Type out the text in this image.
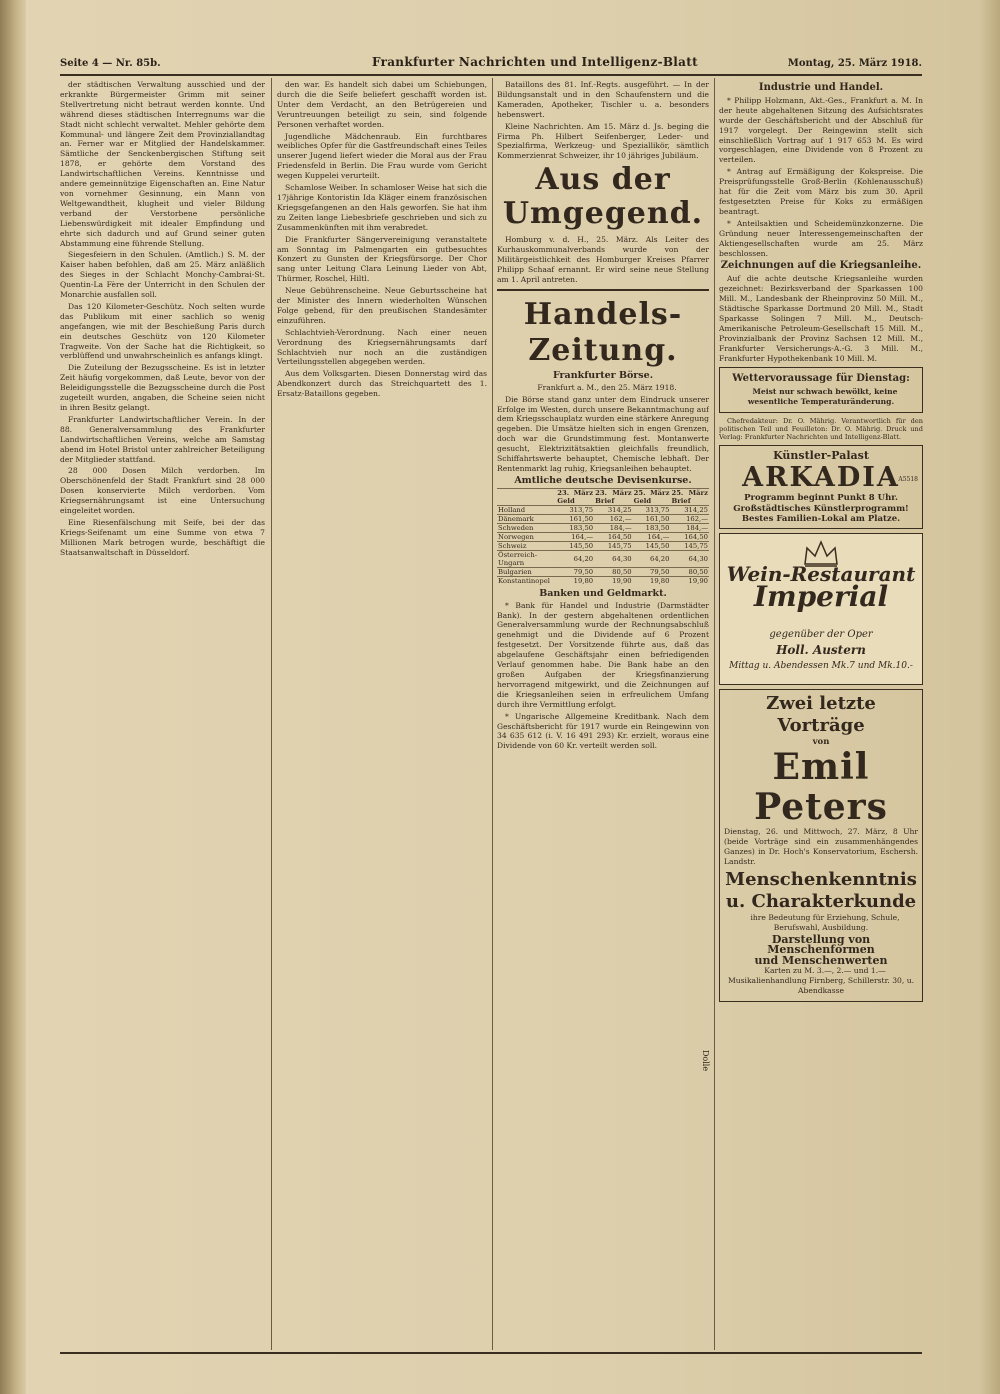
Seite 4 — Nr. 85b.	Frankfurter Nachrichten und Intelligenz-Blatt	Montag, 25. März 1918.

der städtischen Verwaltung ausschied und der erkrankte Bürgermeister Grimm mit seiner Stellvertretung nicht betraut werden konnte. Und während dieses städtischen Interregnums war die Stadt nicht schlecht verwaltet. Mehler gehörte dem Kommunal- und längere Zeit dem Provinziallandtag an. Ferner war er Mitglied der Handelskammer. Sämtliche der Senckenbergischen Stiftung seit 1878, er gehörte dem Vorstand des Landwirtschaftlichen Vereins. Kenntnisse und andere gemeinnützige Eigenschaften an. Eine Natur von vornehmer Gesinnung, ein Mann von Weltgewandtheit, klugheit und vieler Bildung verband der Verstorbene persönliche Liebenswürdigkeit mit idealer Empfindung und ehrte sich dadurch und auf Grund seiner guten Abstammung eine führende Stellung.

Siegesfeiern in den Schulen. (Amtlich.) S. M. der Kaiser haben befohlen, daß am 25. März anläßlich des Sieges in der Schlacht Monchy-Cambrai-St. Quentin-La Fère der Unterricht in den Schulen der Monarchie ausfallen soll.

Das 120 Kilometer-Geschütz. Noch selten wurde das Publikum mit einer sachlich so wenig angefangen, wie mit der Beschießung Paris durch ein deutsches Geschütz von 120 Kilometer Tragweite. Von der Sache hat die Richtigkeit, so verblüffend und unwahrscheinlich es anfangs klingt.

Die Zuteilung der Bezugsscheine. Es ist in letzter Zeit häufig vorgekommen, daß Leute, bevor von der Beleidigungsstelle die Bezugsscheine durch die Post zugeteilt wurden, angaben, die Scheine seien nicht in ihren Besitz gelangt.

Frankfurter Landwirtschaftlicher Verein. In der 88. Generalversammlung des Frankfurter Landwirtschaftlichen Vereins, welche am Samstag abend im Hotel Bristol unter zahlreicher Beteiligung der Mitglieder stattfand.

28 000 Dosen Milch verdorben. Im Oberschönenfeld der Stadt Frankfurt sind 28 000 Dosen konservierte Milch verdorben. Vom Kriegsernährungsamt ist eine Untersuchung eingeleitet worden.

Eine Riesenfälschung mit Seife, bei der das Kriegs-Seifenamt um eine Summe von etwa 7 Millionen Mark betrogen wurde, beschäftigt die Staatsanwaltschaft in Düsseldorf.

den war. Es handelt sich dabei um Schiebungen, durch die die Seife beliefert geschafft worden ist. Unter dem Verdacht, an den Betrügereien und Veruntreuungen beteiligt zu sein, sind folgende Personen verhaftet worden.

Jugendliche Mädchenraub. Ein furchtbares weibliches Opfer für die Gastfreundschaft eines Teiles unserer Jugend liefert wieder die Moral aus der Frau Friedensfeld in Berlin. Die Frau wurde vom Gericht wegen Kuppelei verurteilt.

Schamlose Weiber. In schamloser Weise hat sich die 17jährige Kontoristin Ida Kläger einem französischen Kriegsgefangenen an den Hals geworfen. Sie hat ihm zu Zeiten lange Liebesbriefe geschrieben und sich zu Zusammenkünften mit ihm verabredet.

Die Frankfurter Sängervereinigung veranstaltete am Sonntag im Palmengarten ein gutbesuchtes Konzert zu Gunsten der Kriegsfürsorge. Der Chor sang unter Leitung Clara Leinung Lieder von Abt, Thürmer, Roschel, Hiltl.

Neue Gebührenscheine. Neue Geburtsscheine hat der Minister des Innern wiederholten Wünschen Folge gebend, für den preußischen Standesämter einzuführen.

Schlachtvieh-Verordnung. Nach einer neuen Verordnung des Kriegsernährungsamts darf Schlachtvieh nur noch an die zuständigen Verteilungsstellen abgegeben werden.

Aus dem Volksgarten. Diesen Donnerstag wird das Abendkonzert durch das Streichquartett des 1. Ersatz-Bataillons gegeben.

Bataillons des 81. Inf.-Regts. ausgeführt. — In der Bildungsanstalt und in den Schaufenstern und die Kameraden, Apotheker, Tischler u. a. besonders hebenswert.

Kleine Nachrichten. Am 15. März d. Js. beging die Firma Ph. Hilbert Seifenberger, Leder- und Spezialfirma, Werkzeug- und Speziallikör, sämtlich Kommerzienrat Schweizer, ihr 10 jähriges Jubiläum.

Aus der Umgegend.

Homburg v. d. H., 25. März. Als Leiter des Kurhauskommunalverbands wurde von der Militärgeistlichkeit des Homburger Kreises Pfarrer Philipp Schaaf ernannt. Er wird seine neue Stellung am 1. April antreten.

Handels-Zeitung.
Frankfurter Börse.

Frankfurt a. M., den 25. März 1918.

Die Börse stand ganz unter dem Eindruck unserer Erfolge im Westen, durch unsere Bekanntmachung auf dem Kriegsschauplatz wurden eine stärkere Anregung gegeben. Die Umsätze hielten sich in engen Grenzen, doch war die Grundstimmung fest. Montanwerte gesucht, Elektrizitätsaktien gleichfalls freundlich, Schiffahrtswerte behauptet, Chemische lebhaft. Der Rentenmarkt lag ruhig, Kriegsanleihen behauptet.

Amtliche deutsche Devisenkurse.
	23. März Geld	23. März Brief	25. März Geld	25. März Brief
Holland	313,75	314,25	313,75	314,25
Dänemark	161,50	162,—	161,50	162,—
Schweden	183,50	184,—	183,50	184,—
Norwegen	164,—	164,50	164,—	164,50
Schweiz	145,50	145,75	145,50	145,75
Österreich-Ungarn	64,20	64,30	64,20	64,30
Bulgarien	79,50	80,50	79,50	80,50
Konstantinopel	19,80	19,90	19,80	19,90
Banken und Geldmarkt.

* Bank für Handel und Industrie (Darmstädter Bank). In der gestern abgehaltenen ordentlichen Generalversammlung wurde der Rechnungsabschluß genehmigt und die Dividende auf 6 Prozent festgesetzt. Der Vorsitzende führte aus, daß das abgelaufene Geschäftsjahr einen befriedigenden Verlauf genommen habe. Die Bank habe an den großen Aufgaben der Kriegsfinanzierung hervorragend mitgewirkt, und die Zeichnungen auf die Kriegsanleihen seien in erfreulichem Umfang durch ihre Vermittlung erfolgt.

* Ungarische Allgemeine Kreditbank. Nach dem Geschäftsbericht für 1917 wurde ein Reingewinn von 34 635 612 (i. V. 16 491 293) Kr. erzielt, woraus eine Dividende von 60 Kr. verteilt werden soll.

Industrie und Handel.

* Philipp Holzmann, Akt.-Ges., Frankfurt a. M. In der heute abgehaltenen Sitzung des Aufsichtsrates wurde der Geschäftsbericht und der Abschluß für 1917 vorgelegt. Der Reingewinn stellt sich einschließlich Vortrag auf 1 917 653 M. Es wird vorgeschlagen, eine Dividende von 8 Prozent zu verteilen.

* Antrag auf Ermäßigung der Kokspreise. Die Preisprüfungsstelle Groß-Berlin (Kohlenausschuß) hat für die Zeit vom März bis zum 30. April festgesetzten Preise für Koks zu ermäßigen beantragt.

* Anteilsaktien und Scheidemünzkonzerne. Die Gründung neuer Interessengemeinschaften der Aktiengesellschaften wurde am 25. März beschlossen.

Zeichnungen auf die Kriegsanleihe.

Auf die achte deutsche Kriegsanleihe wurden gezeichnet: Bezirksverband der Sparkassen 100 Mill. M., Landesbank der Rheinprovinz 50 Mill. M., Städtische Sparkasse Dortmund 20 Mill. M., Stadt Sparkasse Solingen 7 Mill. M., Deutsch-Amerikanische Petroleum-Gesellschaft 15 Mill. M., Provinzialbank der Provinz Sachsen 12 Mill. M., Frankfurter Versicherungs-A.-G. 3 Mill. M., Frankfurter Hypothekenbank 10 Mill. M.

Wettervoraussage für Dienstag:

Meist nur schwach bewölkt, keine wesentliche Temperaturänderung.

Chefredakteur: Dr. O. Mährig. Verantwortlich für den politischen Teil und Feuilleton: Dr. O. Mährig. Druck und Verlag: Frankfurter Nachrichten und Intelligenz-Blatt.

Künstler-Palast
ARKADIA
A5518
Programm beginnt Punkt 8 Uhr.
Großstädtisches Künstlerprogramm!
Bestes Familien-Lokal am Platze.
Wein-Restaurant
Imperial
gegenüber der Oper
Holl. Austern
Mittag u. Abendessen Mk.7 und Mk.10.-
Zwei letzte Vorträge
von
Emil Peters

Dienstag, 26. und Mittwoch, 27. März, 8 Uhr (beide Vorträge sind ein zusammenhängendes Ganzes) in Dr. Hoch's Konservatorium, Eschersh. Landstr.

Menschenkenntnis
u. Charakterkunde

ihre Bedeutung für Erziehung, Schule, Berufswahl, Ausbildung.

Darstellung von Menschenformen
und Menschenwerten

Karten zu M. 3.—, 2.— und 1.— Musikalienhandlung Firnberg, Schillerstr. 30, u. Abendkasse

Dolle
